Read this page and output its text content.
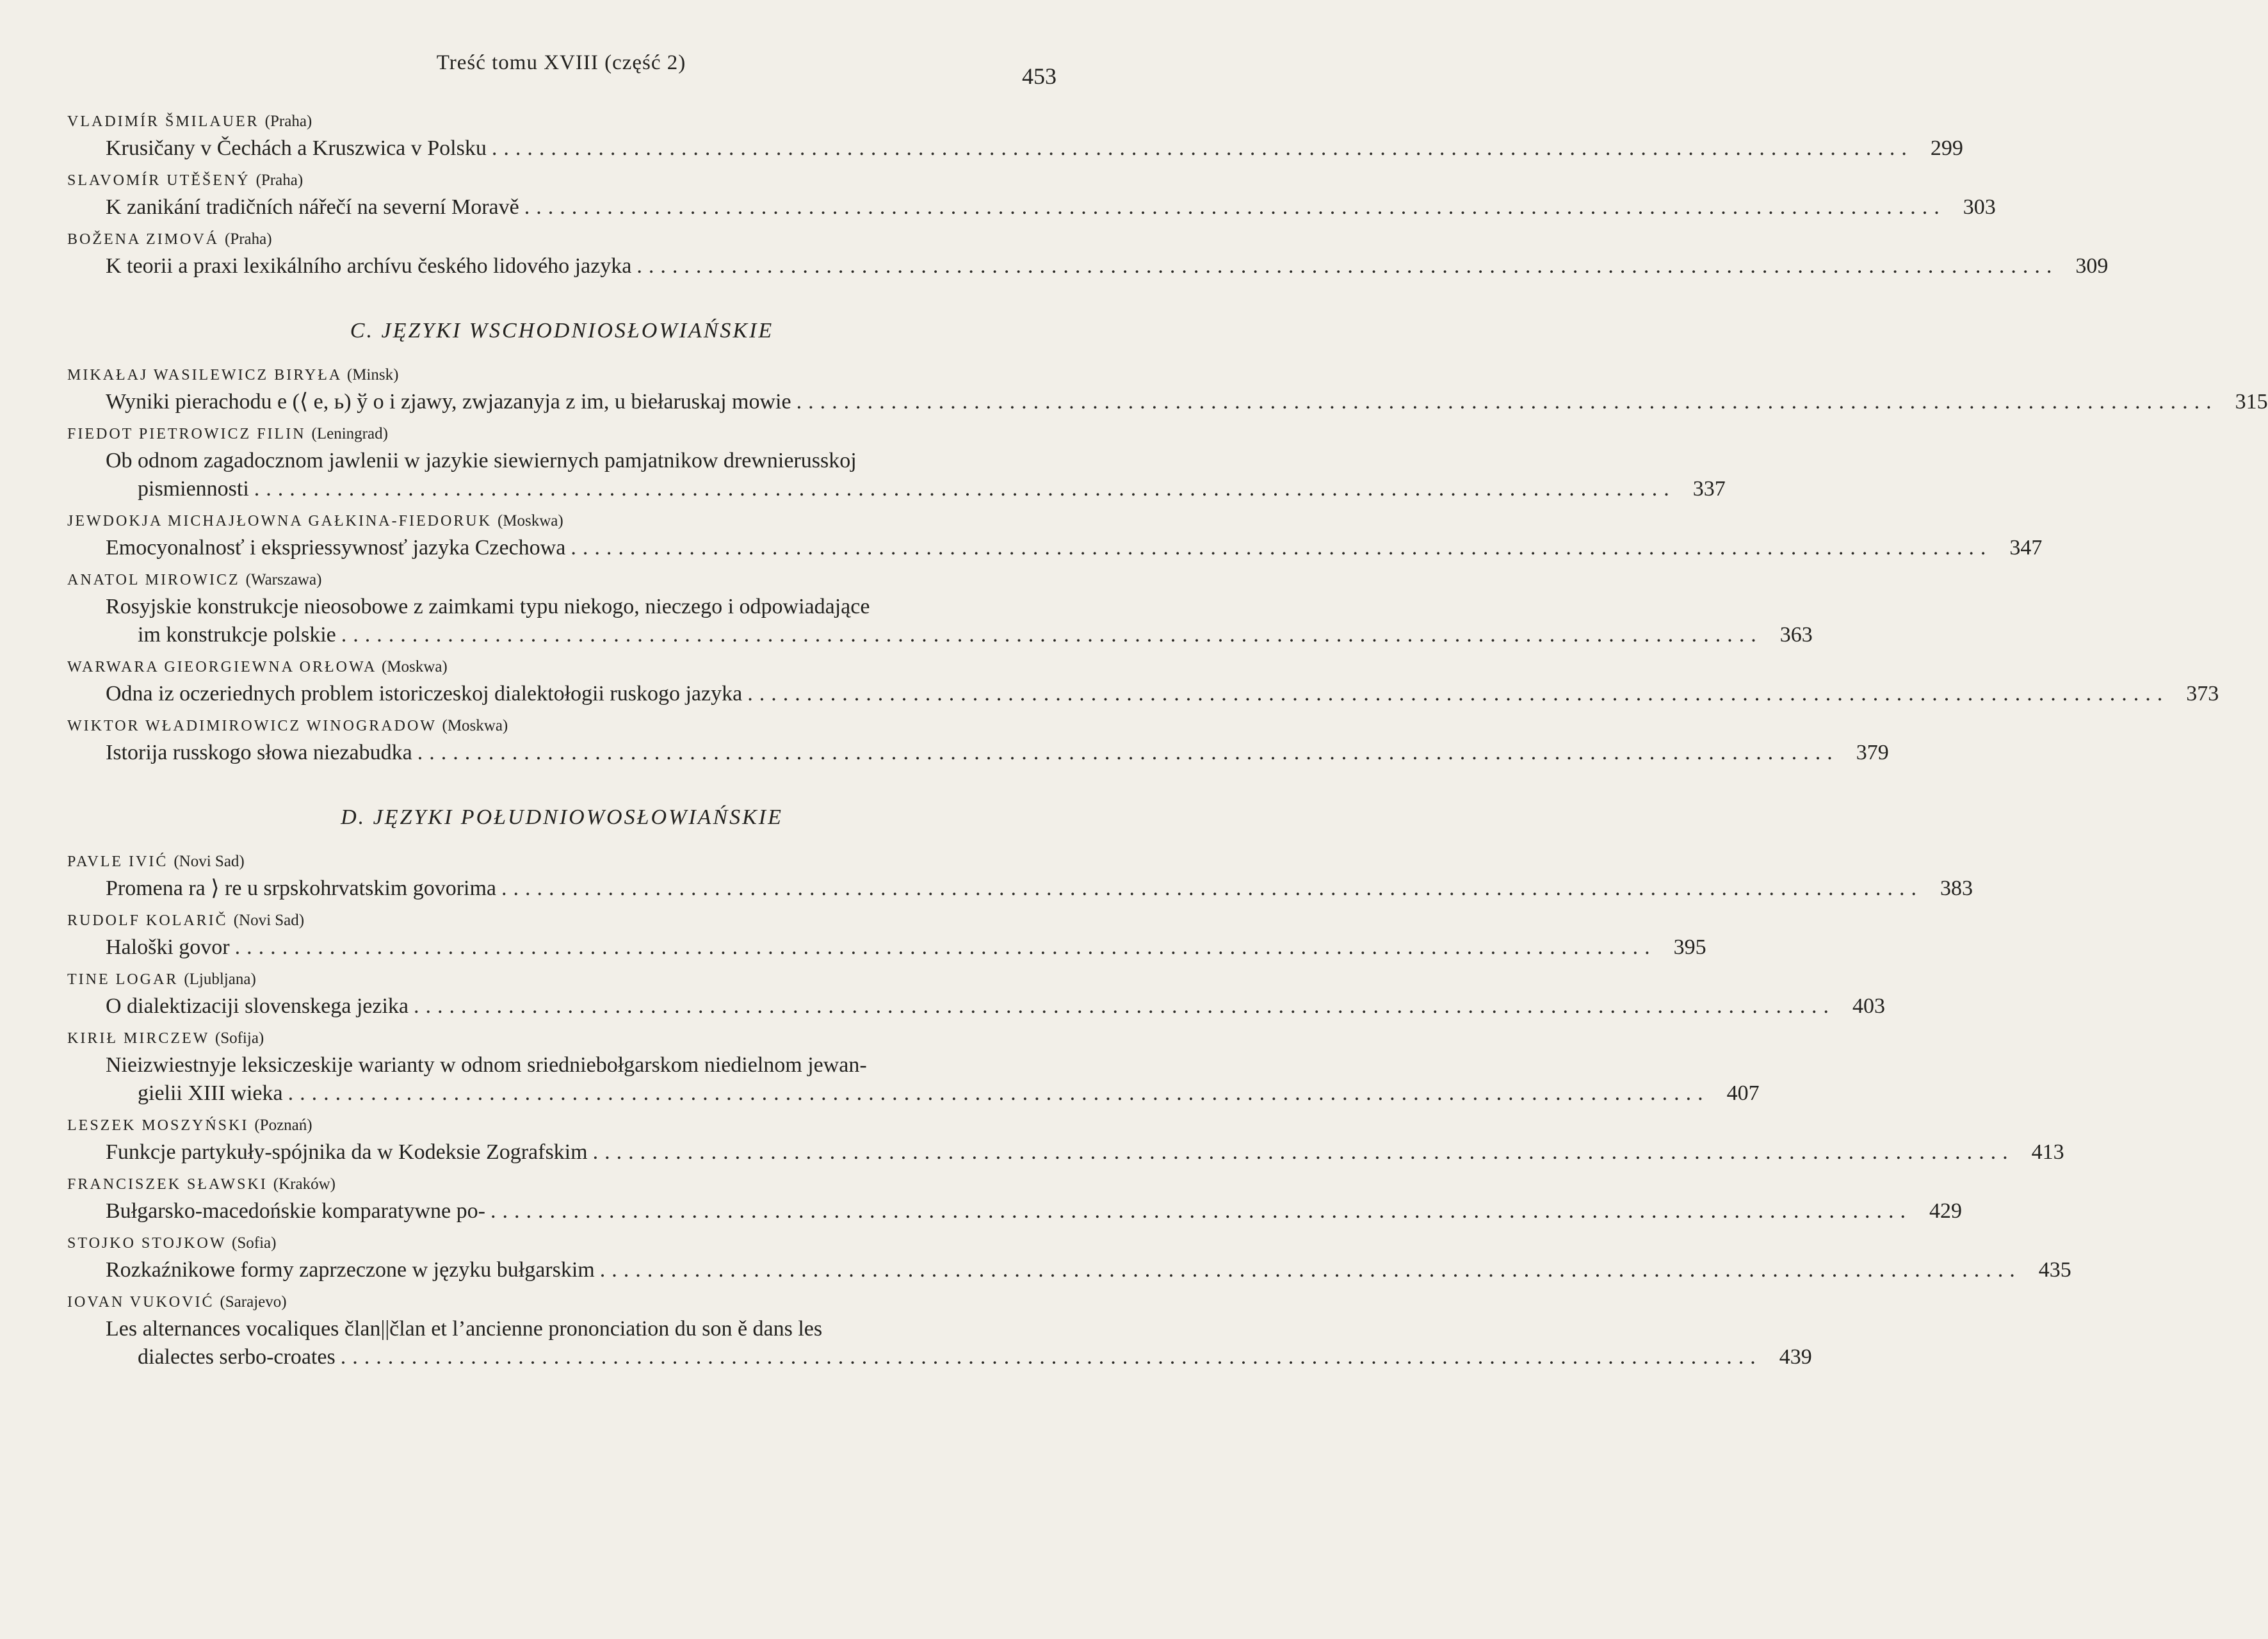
Treść tomu XVIII (część 2)
453
VLADIMÍR ŠMILAUER (Praha)
Krusičany v Čechách a Kruszwica v Polsku ........................................................................................................................ 299
SLAVOMÍR UTĚŠENÝ (Praha)
K zanikání tradičních nářečí na severní Moravě ........................................................................................................................ 303
BOŽENA ZIMOVÁ (Praha)
K teorii a praxi lexikálního archívu českého lidového jazyka ........................................................................................................................ 309
C. JĘZYKI WSCHODNIOSŁOWIAŃSKIE
MIKAŁAJ WASILEWICZ BIRYŁA (Minsk)
Wyniki pierachodu e (⟨ e, ь) ў o i zjawy, zwjazanyja z im, u biełaruskaj mowie ........................................................................................................................ 315
FIEDOT PIETROWICZ FILIN (Leningrad)
Ob odnom zagadocznom jawlenii w jazykie siewiernych pamjatnikow drewnierusskoj
pismiennosti ........................................................................................................................ 337
JEWDOKJA MICHAJŁOWNA GAŁKINA-FIEDORUK (Moskwa)
Emocyonalnosť i ekspriessywnosť jazyka Czechowa ........................................................................................................................ 347
ANATOL MIROWICZ (Warszawa)
Rosyjskie konstrukcje nieosobowe z zaimkami typu niekogo, nieczego i odpowiadające
im konstrukcje polskie ........................................................................................................................ 363
WARWARA GIEORGIEWNA ORŁOWA (Moskwa)
Odna iz oczeriednych problem istoriczeskoj dialektołogii ruskogo jazyka ........................................................................................................................ 373
WIKTOR WŁADIMIROWICZ WINOGRADOW (Moskwa)
Istorija russkogo słowa niezabudka ........................................................................................................................ 379
D. JĘZYKI POŁUDNIOWOSŁOWIAŃSKIE
PAVLE IVIĆ (Novi Sad)
Promena ra ⟩ re u srpskohrvatskim govorima ........................................................................................................................ 383
RUDOLF KOLARIČ (Novi Sad)
Haloški govor ........................................................................................................................ 395
TINE LOGAR (Ljubljana)
O dialektizaciji slovenskega jezika ........................................................................................................................ 403
KIRIŁ MIRCZEW (Sofija)
Nieizwiestnyje leksiczeskije warianty w odnom sriedniebołgarskom niedielnom jewan-
gielii XIII wieka ........................................................................................................................ 407
LESZEK MOSZYŃSKI (Poznań)
Funkcje partykuły-spójnika da w Kodeksie Zografskim ........................................................................................................................ 413
FRANCISZEK SŁAWSKI (Kraków)
Bułgarsko-macedońskie komparatywne po- ........................................................................................................................ 429
STOJKO STOJKOW (Sofia)
Rozkaźnikowe formy zaprzeczone w języku bułgarskim ........................................................................................................................ 435
IOVAN VUKOVIĆ (Sarajevo)
Les alternances vocaliques član||član et l’ancienne prononciation du son ě dans les
dialectes serbo-croates ........................................................................................................................ 439
